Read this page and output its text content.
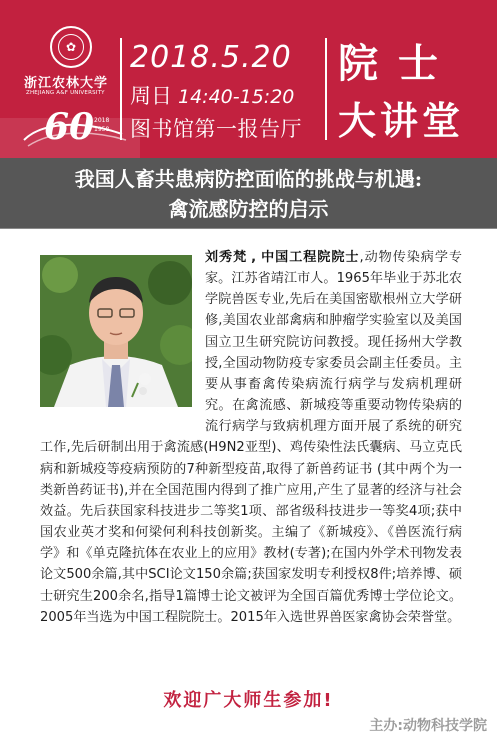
✿
浙江农林大学
ZHEJIANG A&F UNIVERSITY
60 2018
1958
2018.5.20
周日 14:40-15:20
图书馆第一报告厅
院士
大讲堂
我国人畜共患病防控面临的挑战与机遇:
禽流感防控的启示
刘秀梵 , 中国工程院院士,动物传染病学专家。江苏省靖江市人。1965年毕业于苏北农学院兽医专业,先后在美国密歇根州立大学研修,美国农业部禽病和肿瘤学实验室以及美国国立卫生研究院访问教授。现任扬州大学教授,全国动物防疫专家委员会副主任委员。主要从事畜禽传染病流行病学与发病机理研究。在禽流感、新城疫等重要动物传染病的流行病学与致病机理方面开展了系统的研究工作,先后研制出用于禽流感(H9N2亚型)、鸡传染性法氏囊病、马立克氏病和新城疫等疫病预防的7种新型疫苗,取得了新兽药证书 (其中两个为一类新兽药证书),并在全国范围内得到了推广应用,产生了显著的经济与社会效益。先后获国家科技进步二等奖1项、部省级科技进步一等奖4项;获中国农业英才奖和何梁何利科技创新奖。主编了《新城疫》、《兽医流行病学》和《单克隆抗体在农业上的应用》教材(专著);在国内外学术刊物发表论文500余篇,其中SCI论文150余篇;获国家发明专利授权8件;培养博、硕士研究生200余名,指导1篇博士论文被评为全国百篇优秀博士学位论文。2005年当选为中国工程院院士。2015年入选世界兽医家禽协会荣誉堂。
欢迎广大师生参加!
主办:动物科技学院
